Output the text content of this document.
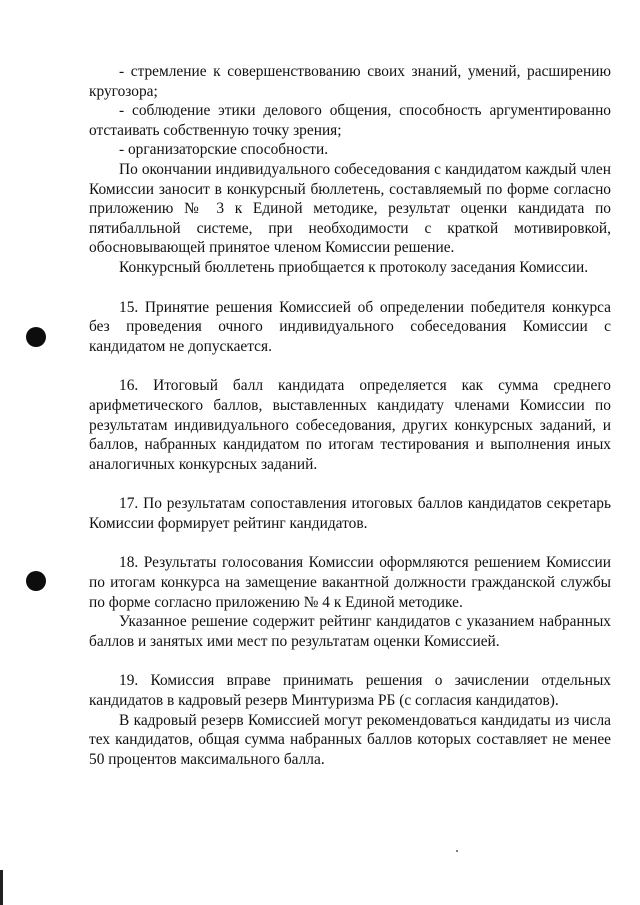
- стремление к совершенствованию своих знаний, умений, расширению кругозора;

- соблюдение этики делового общения, способность аргументированно отстаивать собственную точку зрения;

- организаторские способности.

По окончании индивидуального собеседования с кандидатом каждый член Комиссии заносит в конкурсный бюллетень, составляемый по форме согласно приложению № 3 к Единой методике, результат оценки кандидата по пятибалльной системе, при необходимости с краткой мотивировкой, обосновывающей принятое членом Комиссии решение.

Конкурсный бюллетень приобщается к протоколу заседания Комиссии.

15. Принятие решения Комиссией об определении победителя конкурса без проведения очного индивидуального собеседования Комиссии с кандидатом не допускается.

16. Итоговый балл кандидата определяется как сумма среднего арифметического баллов, выставленных кандидату членами Комиссии по результатам индивидуального собеседования, других конкурсных заданий, и баллов, набранных кандидатом по итогам тестирования и выполнения иных аналогичных конкурсных заданий.

17. По результатам сопоставления итоговых баллов кандидатов секретарь Комиссии формирует рейтинг кандидатов.

18. Результаты голосования Комиссии оформляются решением Комиссии по итогам конкурса на замещение вакантной должности гражданской службы по форме согласно приложению № 4 к Единой методике.

Указанное решение содержит рейтинг кандидатов с указанием набранных баллов и занятых ими мест по результатам оценки Комиссией.

19. Комиссия вправе принимать решения о зачислении отдельных кандидатов в кадровый резерв Минтуризма РБ (с согласия кандидатов).

В кадровый резерв Комиссией могут рекомендоваться кандидаты из числа тех кандидатов, общая сумма набранных баллов которых составляет не менее 50 процентов максимального балла.
